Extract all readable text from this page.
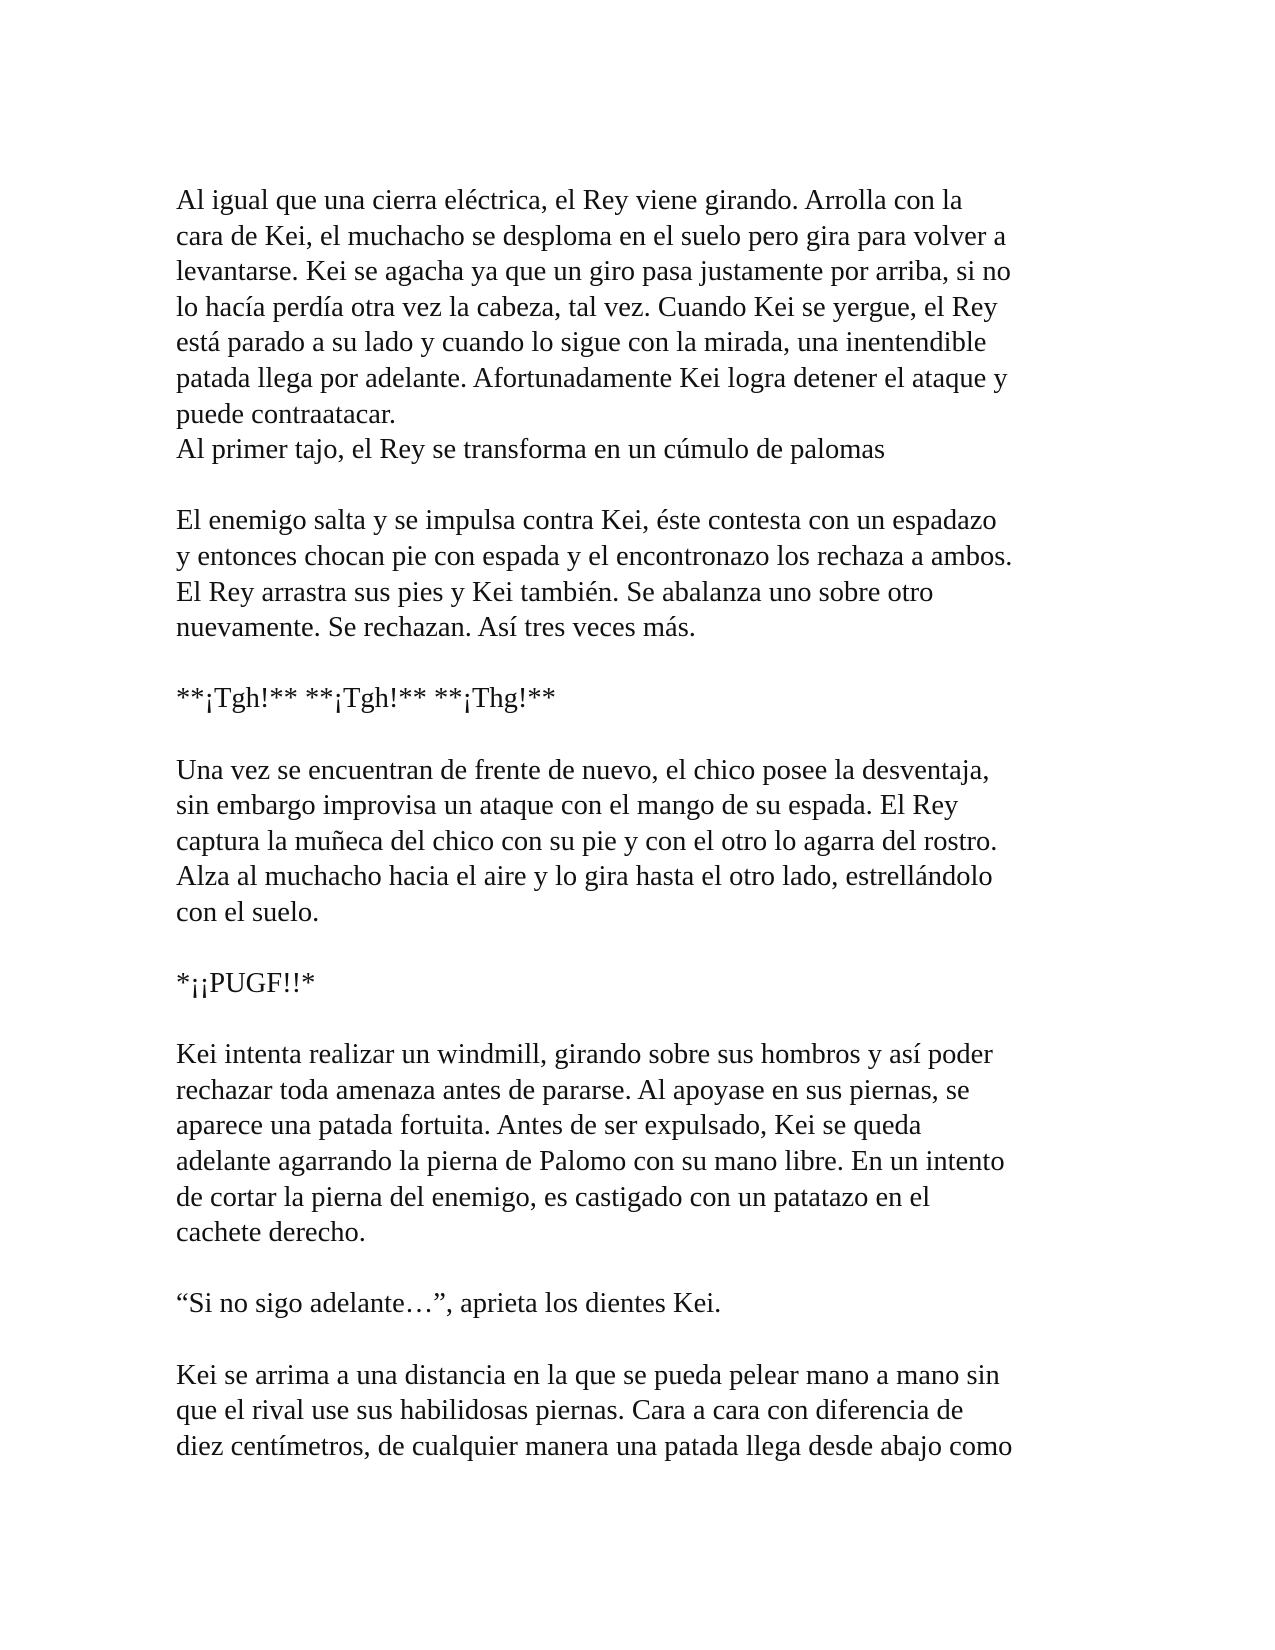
Al igual que una cierra eléctrica, el Rey viene girando. Arrolla con la
cara de Kei, el muchacho se desploma en el suelo pero gira para volver a
levantarse. Kei se agacha ya que un giro pasa justamente por arriba, si no
lo hacía perdía otra vez la cabeza, tal vez. Cuando Kei se yergue, el Rey
está parado a su lado y cuando lo sigue con la mirada, una inentendible
patada llega por adelante. Afortunadamente Kei logra detener el ataque y
puede contraatacar.
Al primer tajo, el Rey se transforma en un cúmulo de palomas
El enemigo salta y se impulsa contra Kei, éste contesta con un espadazo
y entonces chocan pie con espada y el encontronazo los rechaza a ambos.
El Rey arrastra sus pies y Kei también. Se abalanza uno sobre otro
nuevamente. Se rechazan. Así tres veces más.
**¡Tgh!** **¡Tgh!** **¡Thg!**
Una vez se encuentran de frente de nuevo, el chico posee la desventaja,
sin embargo improvisa un ataque con el mango de su espada. El Rey
captura la muñeca del chico con su pie y con el otro lo agarra del rostro.
Alza al muchacho hacia el aire y lo gira hasta el otro lado, estrellándolo
con el suelo.
*¡¡PUGF!!*
Kei intenta realizar un windmill, girando sobre sus hombros y así poder
rechazar toda amenaza antes de pararse. Al apoyase en sus piernas, se
aparece una patada fortuita. Antes de ser expulsado, Kei se queda
adelante agarrando la pierna de Palomo con su mano libre. En un intento
de cortar la pierna del enemigo, es castigado con un patatazo en el
cachete derecho.
“Si no sigo adelante…”, aprieta los dientes Kei.
Kei se arrima a una distancia en la que se pueda pelear mano a mano sin
que el rival use sus habilidosas piernas. Cara a cara con diferencia de
diez centímetros, de cualquier manera una patada llega desde abajo como
